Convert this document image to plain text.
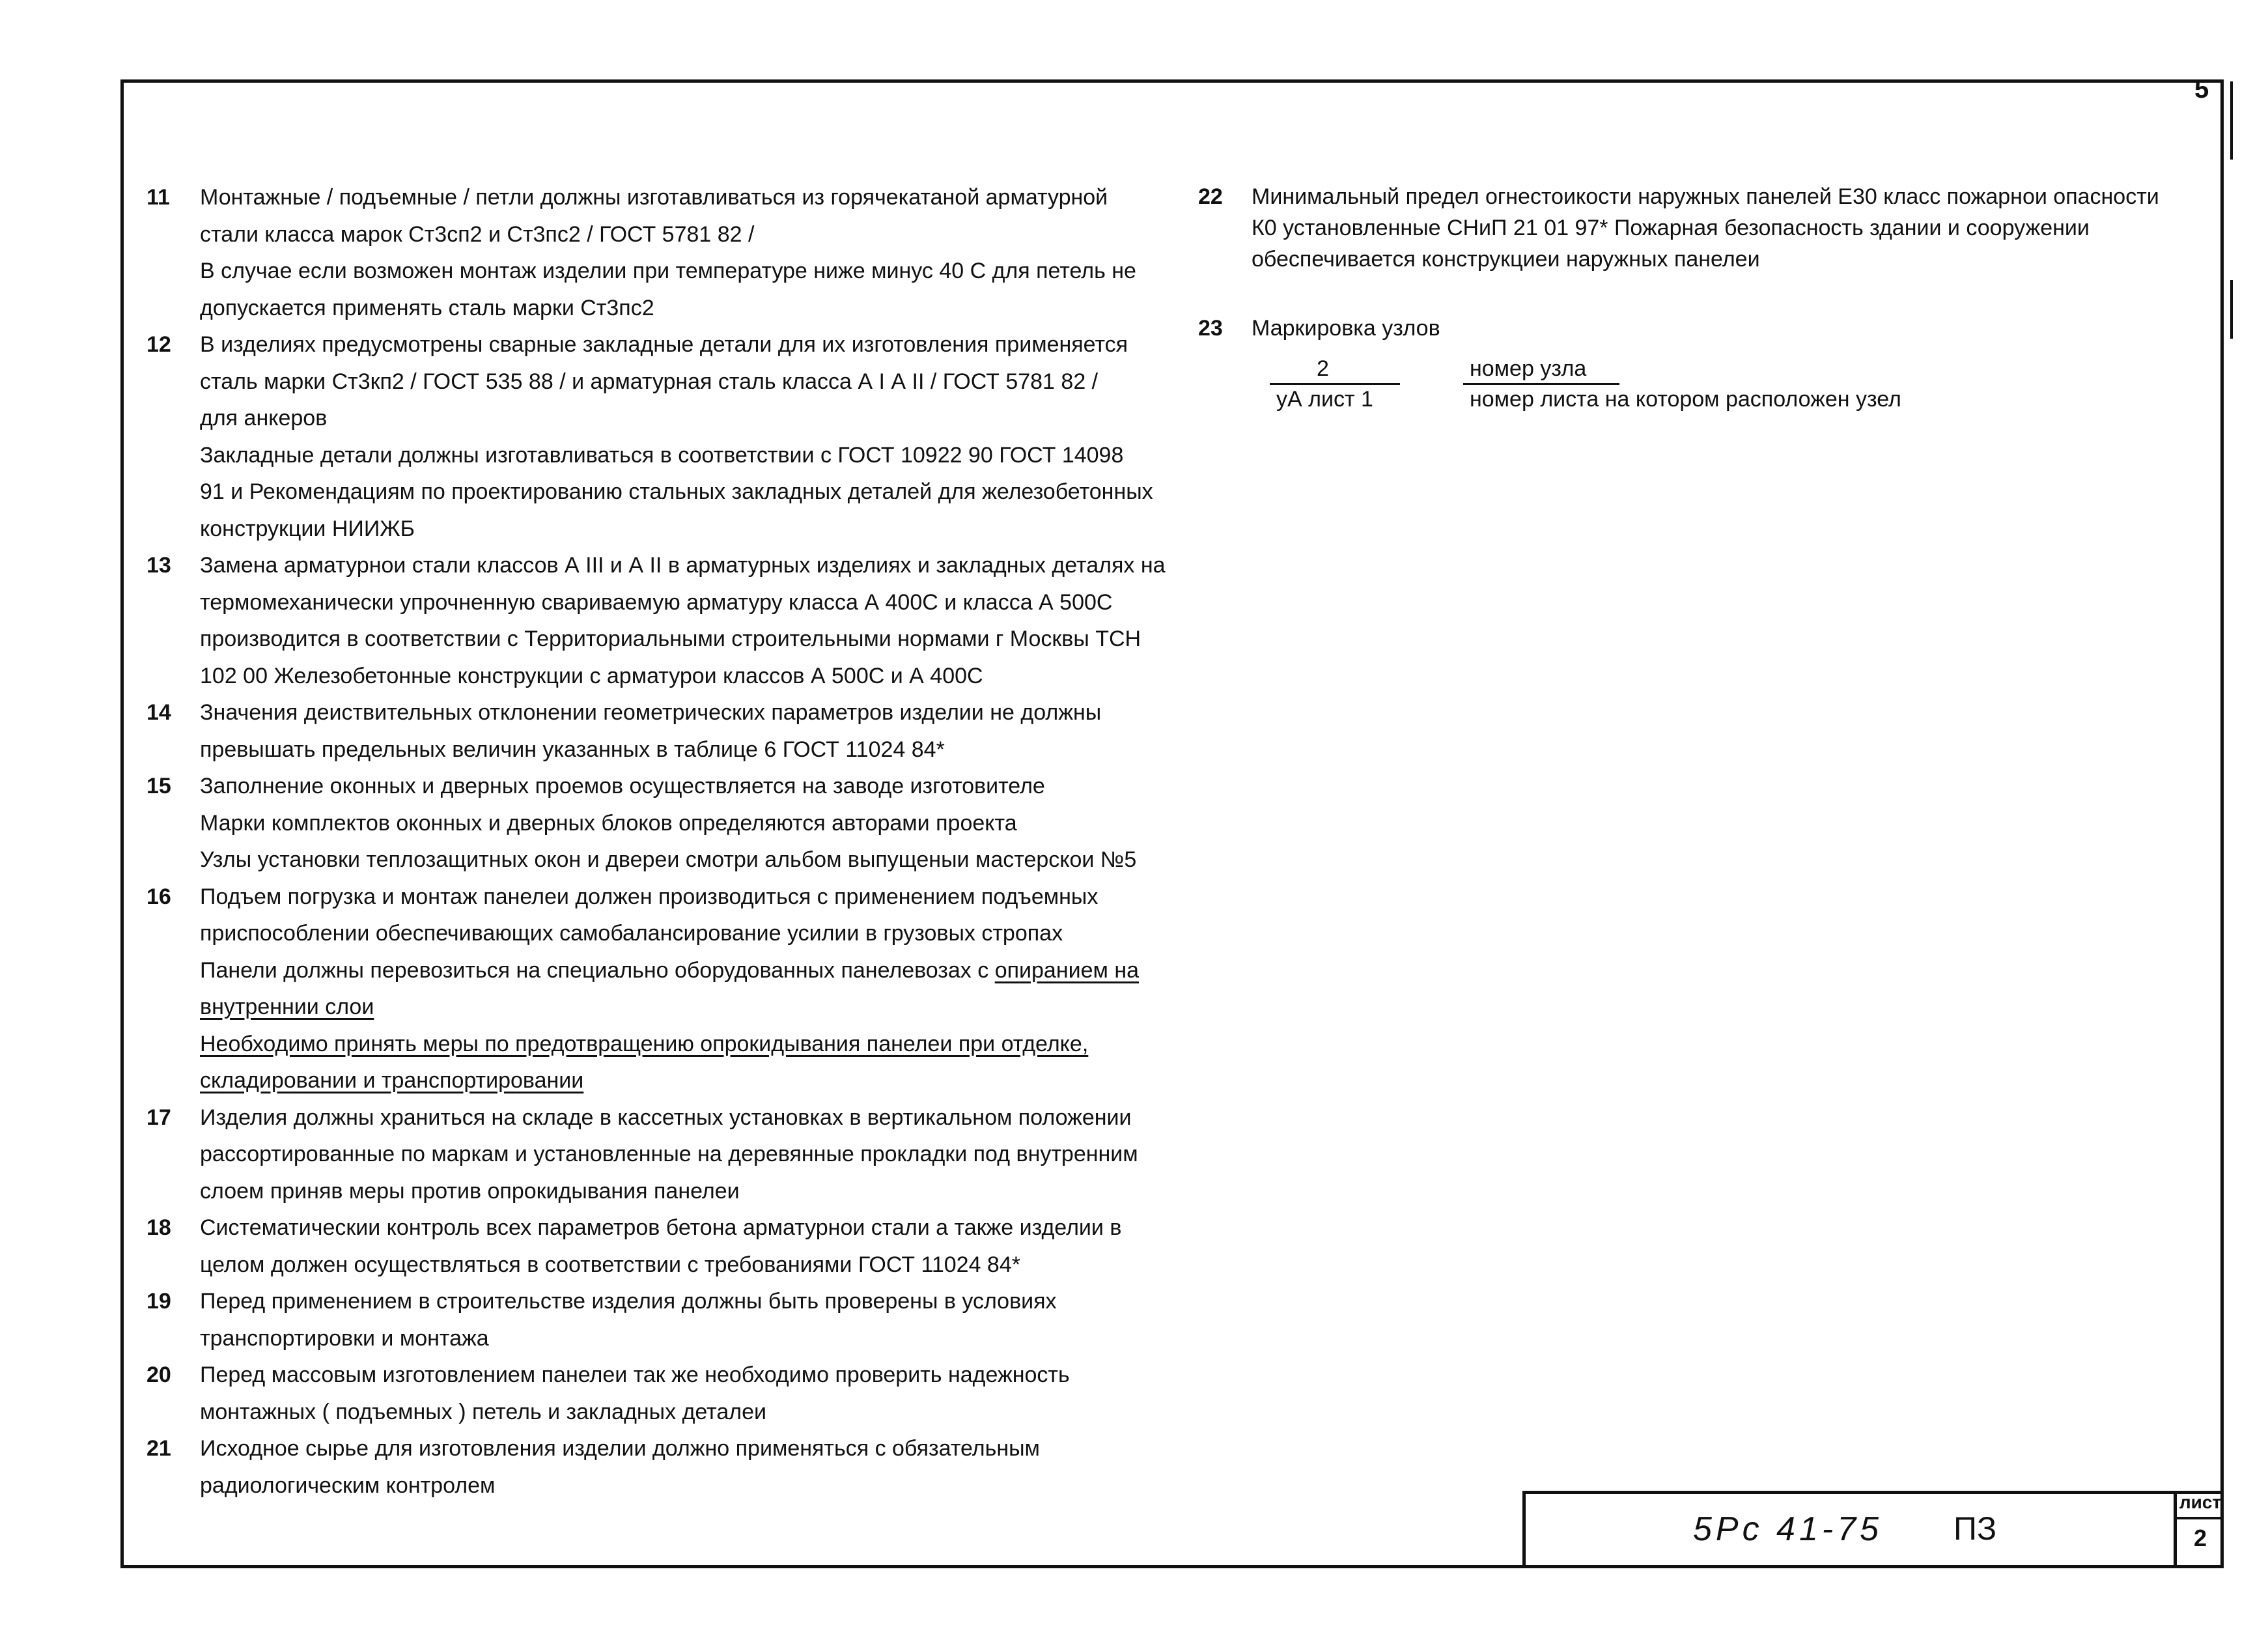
5
11 Монтажные / подъемные / петли должны изготавливаться из горячекатаной арматурной
стали класса марок Ст3сп2 и Ст3пс2 / ГОСТ 5781 82 /
В случае если возможен монтаж изделии при температуре ниже минус 40 С для петель не
допускается применять сталь марки Ст3пс2
12 В изделиях предусмотрены сварные закладные детали для их изготовления применяется
сталь марки Ст3кп2 / ГОСТ 535 88 / и арматурная сталь класса А I А II / ГОСТ 5781 82 /
для анкеров
Закладные детали должны изготавливаться в соответствии с ГОСТ 10922 90 ГОСТ 14098
91 и Рекомендациям по проектированию стальных закладных деталей для железобетонных
конструкции НИИЖБ
13 Замена арматурнои стали классов А III и А II в арматурных изделиях и закладных деталях на
термомеханически упрочненную свариваемую арматуру класса А 400С и класса А 500С
производится в соответствии с Территориальными строительными нормами г Москвы ТСН
102 00 Железобетонные конструкции с арматурои классов А 500С и А 400С
14 Значения деиствительных отклонении геометрических параметров изделии не должны
превышать предельных величин указанных в таблице 6 ГОСТ 11024 84*
15 Заполнение оконных и дверных проемов осуществляется на заводе изготовителе
Марки комплектов оконных и дверных блоков определяются авторами проекта
Узлы установки теплозащитных окон и двереи смотри альбом выпущеныи мастерскои №5
16 Подъем погрузка и монтаж панелеи должен производиться с применением подъемных
приспособлении обеспечивающих самобалансирование усилии в грузовых стропах
Панели должны перевозиться на специально оборудованных панелевозах с опиранием на
внутреннии слои
Необходимо принять меры по предотвращению опрокидывания панелеи при отделке,
складировании и транспортировании
17 Изделия должны храниться на складе в кассетных установках в вертикальном положении
рассортированные по маркам и установленные на деревянные прокладки под внутренним
слоем приняв меры против опрокидывания панелеи
18 Систематическии контроль всех параметров бетона арматурнои стали а также изделии в
целом должен осуществляться в соответствии с требованиями ГОСТ 11024 84*
19 Перед применением в строительстве изделия должны быть проверены в условиях
транспортировки и монтажа
20 Перед массовым изготовлением панелеи так же необходимо проверить надежность
монтажных ( подъемных ) петель и закладных деталеи
21 Исходное сырье для изготовления изделии должно применяться с обязательным
радиологическим контролем
22 Минимальный предел огнестоикости наружных панелей Е30 класс пожарнои опасности
К0 установленные СНиП 21 01 97* Пожарная безопасность здании и сооружении
обеспечивается конструкциеи наружных панелеи
23 Маркировка узлов
2
уА лист 1
номер узла
номер листа на котором расположен узел
5Рс 41-75 ПЗ
лист
2
